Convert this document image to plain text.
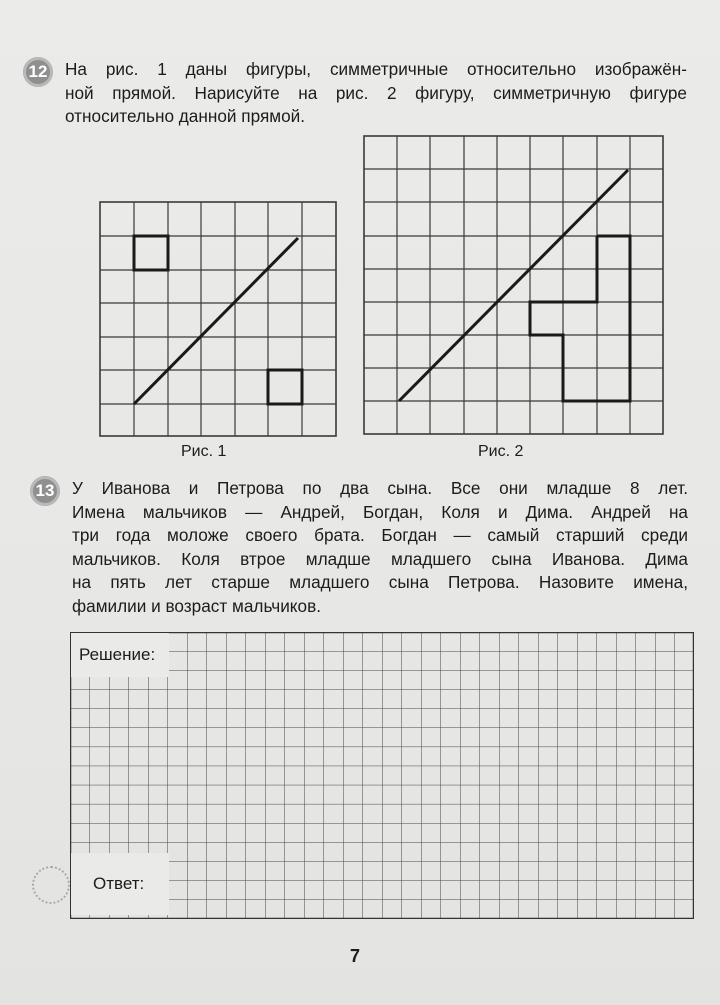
12 На рис. 1 даны фигуры, симметричные относительно изображён-
ной прямой. Нарисуйте на рис. 2 фигуру, симметричную фигуре
относительно данной прямой.

Рис. 1	Рис. 2
13 У Иванова и Петрова по два сына. Все они младше 8 лет.
Имена мальчиков — Андрей, Богдан, Коля и Дима. Андрей на
три года моложе своего брата. Богдан — самый старший среди
мальчиков. Коля втрое младше младшего сына Иванова. Дима
на пять лет старше младшего сына Петрова. Назовите имена,
фамилии и возраст мальчиков.

Решение:
Ответ:
7
